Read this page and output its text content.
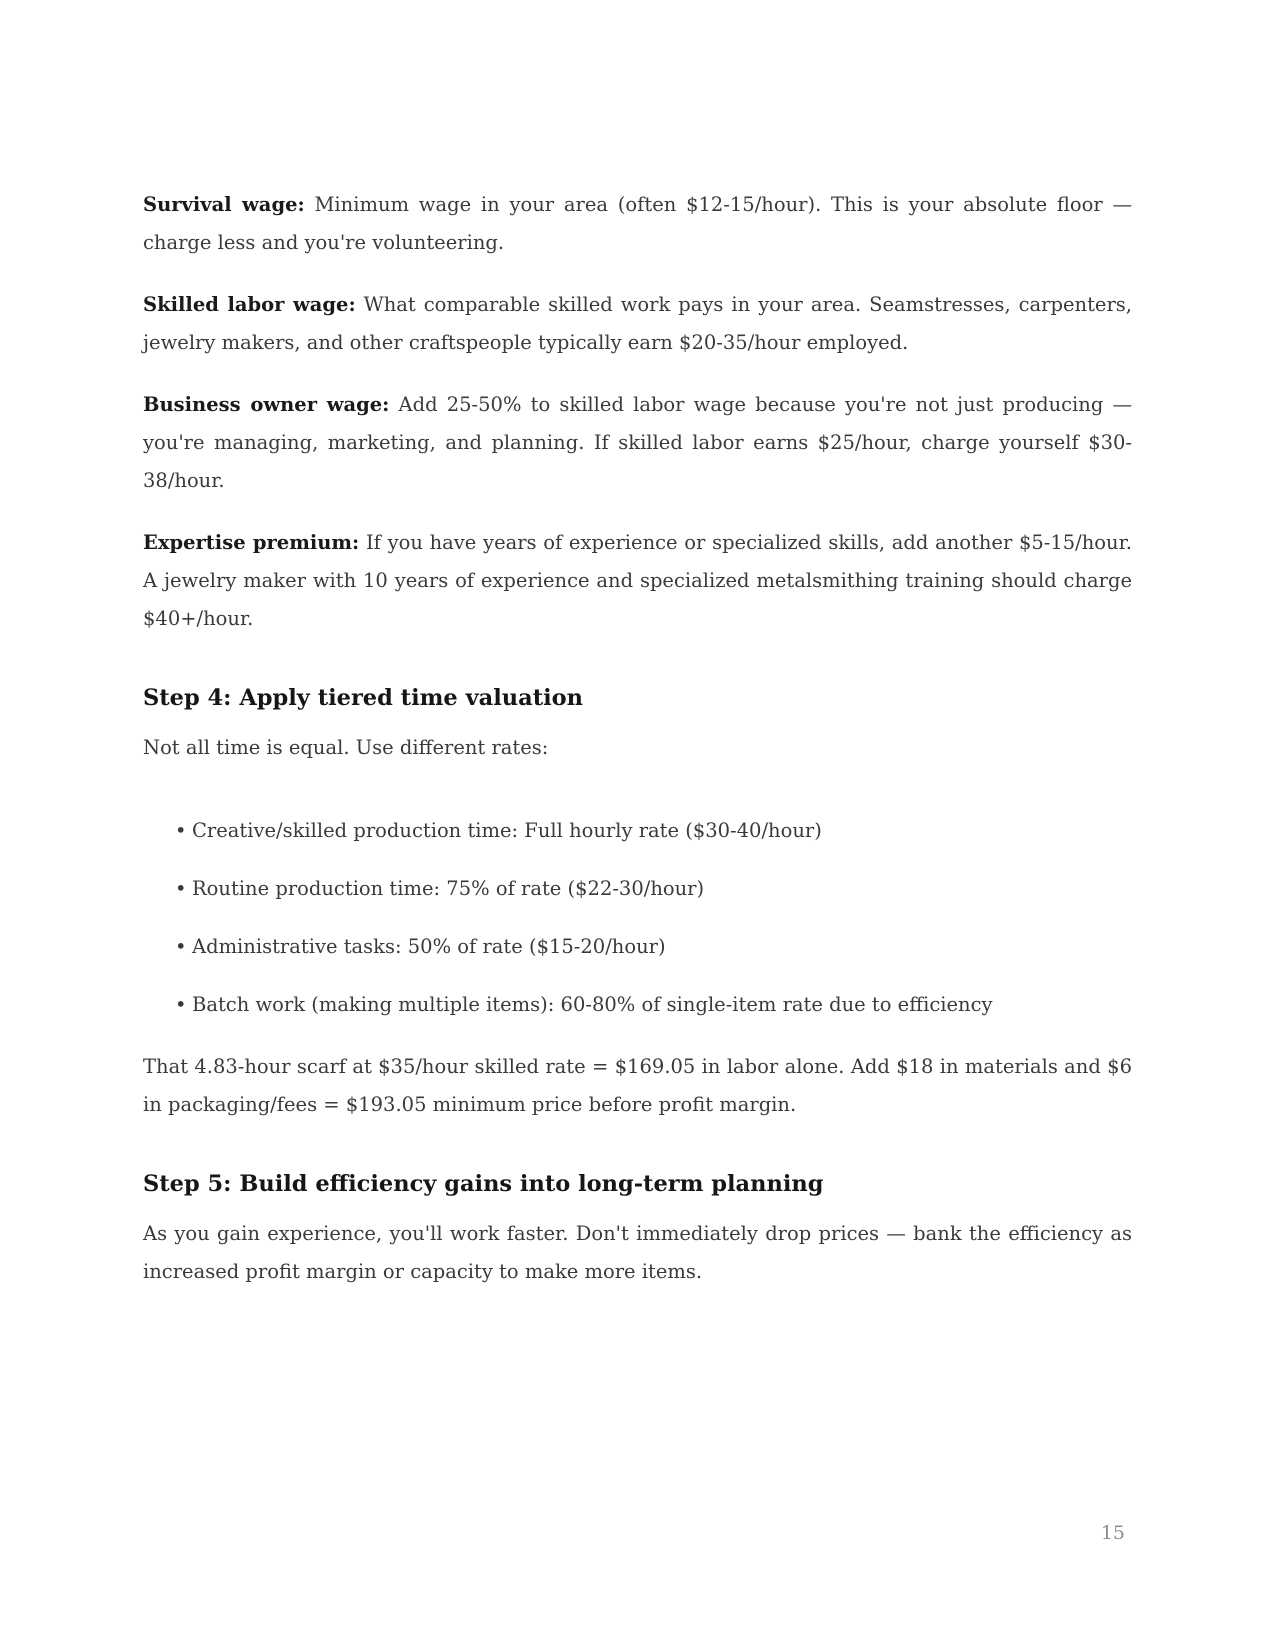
Survival wage: Minimum wage in your area (often $12-15/hour). This is your absolute floor — charge less and you're volunteering.

Skilled labor wage: What comparable skilled work pays in your area. Seamstresses, carpenters, jewelry makers, and other craftspeople typically earn $20-35/hour employed.

Business owner wage: Add 25-50% to skilled labor wage because you're not just producing — you're managing, marketing, and planning. If skilled labor earns $25/hour, charge yourself $30-38/hour.

Expertise premium: If you have years of experience or specialized skills, add another $5-15/hour. A jewelry maker with 10 years of experience and specialized metalsmithing training should charge $40+/hour.

Step 4: Apply tiered time valuation

Not all time is equal. Use different rates:

• Creative/skilled production time: Full hourly rate ($30-40/hour)
• Routine production time: 75% of rate ($22-30/hour)
• Administrative tasks: 50% of rate ($15-20/hour)
• Batch work (making multiple items): 60-80% of single-item rate due to efficiency

That 4.83-hour scarf at $35/hour skilled rate = $169.05 in labor alone. Add $18 in materials and $6 in packaging/fees = $193.05 minimum price before profit margin.

Step 5: Build efficiency gains into long-term planning

As you gain experience, you'll work faster. Don't immediately drop prices — bank the efficiency as increased profit margin or capacity to make more items.

15
